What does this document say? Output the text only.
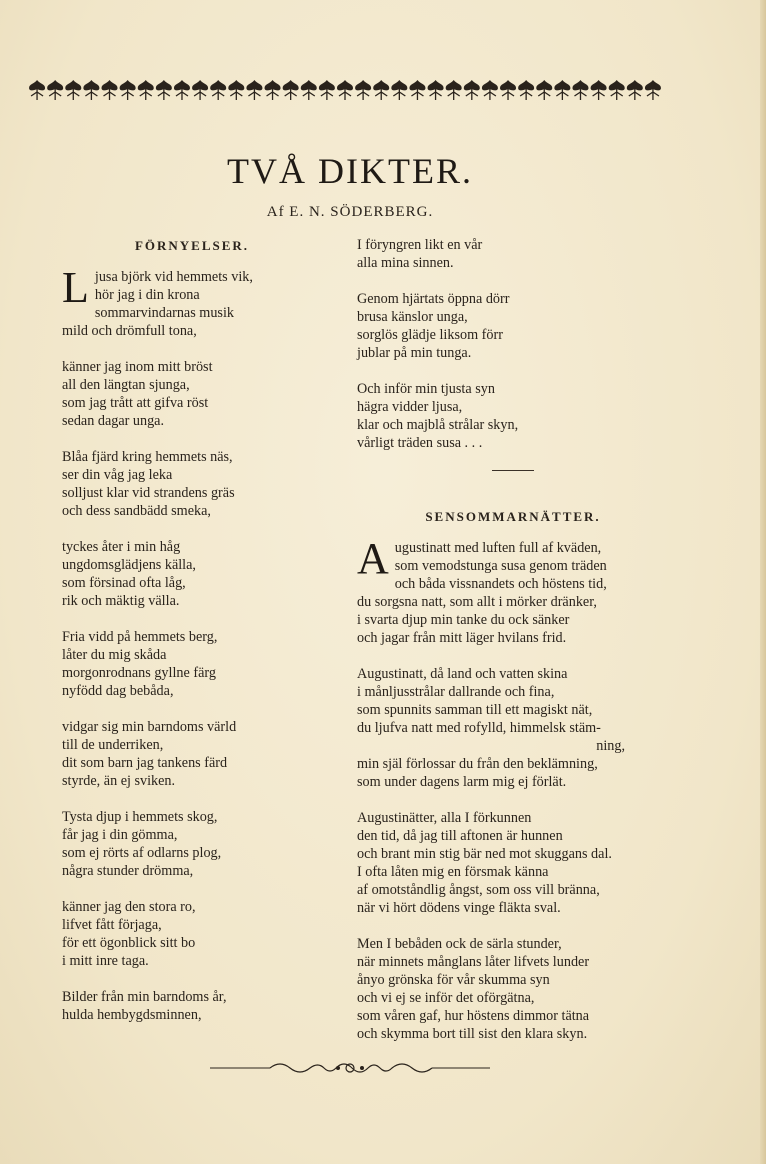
TVÅ DIKTER.
Af E. N. SÖDERBERG.
FÖRNYELSER.
L jusa björk vid hemmets vik,
hör jag i din krona
sommarvindarnas musik
mild och drömfull tona,
känner jag inom mitt bröst
all den längtan sjunga,
som jag trått att gifva röst
sedan dagar unga.
Blåa fjärd kring hemmets näs,
ser din våg jag leka
solljust klar vid strandens gräs
och dess sandbädd smeka,
tyckes åter i min håg
ungdomsglädjens källa,
som försinad ofta låg,
rik och mäktig välla.
Fria vidd på hemmets berg,
låter du mig skåda
morgonrodnans gyllne färg
nyfödd dag bebåda,
vidgar sig min barndoms värld
till de underriken,
dit som barn jag tankens färd
styrde, än ej sviken.
Tysta djup i hemmets skog,
får jag i din gömma,
som ej rörts af odlarns plog,
några stunder drömma,
känner jag den stora ro,
lifvet fått förjaga,
för ett ögonblick sitt bo
i mitt inre taga.
Bilder från min barndoms år,
hulda hembygdsminnen,
I föryngren likt en vår
alla mina sinnen.
Genom hjärtats öppna dörr
brusa känslor unga,
sorglös glädje liksom förr
jublar på min tunga.
Och inför min tjusta syn
hägra vidder ljusa,
klar och majblå strålar skyn,
vårligt träden susa . . .
SENSOMMARNÄTTER.
A ugustinatt med luften full af kväden,
som vemodstunga susa genom träden
och båda vissnandets och höstens tid,
du sorgsna natt, som allt i mörker dränker,
i svarta djup min tanke du ock sänker
och jagar från mitt läger hvilans frid.
Augustinatt, då land och vatten skina
i månljusstrålar dallrande och fina,
som spunnits samman till ett magiskt nät,
du ljufva natt med rofylld, himmelsk stäm-
ning,
min själ förlossar du från den beklämning,
som under dagens larm mig ej förlät.
Augustinätter, alla I förkunnen
den tid, då jag till aftonen är hunnen
och brant min stig bär ned mot skuggans dal.
I ofta låten mig en försmak känna
af omotståndlig ångst, som oss vill bränna,
när vi hört dödens vinge fläkta sval.
Men I bebåden ock de särla stunder,
när minnets månglans låter lifvets lunder
ånyo grönska för vår skumma syn
och vi ej se inför det oförgätna,
som våren gaf, hur höstens dimmor tätna
och skymma bort till sist den klara skyn.
